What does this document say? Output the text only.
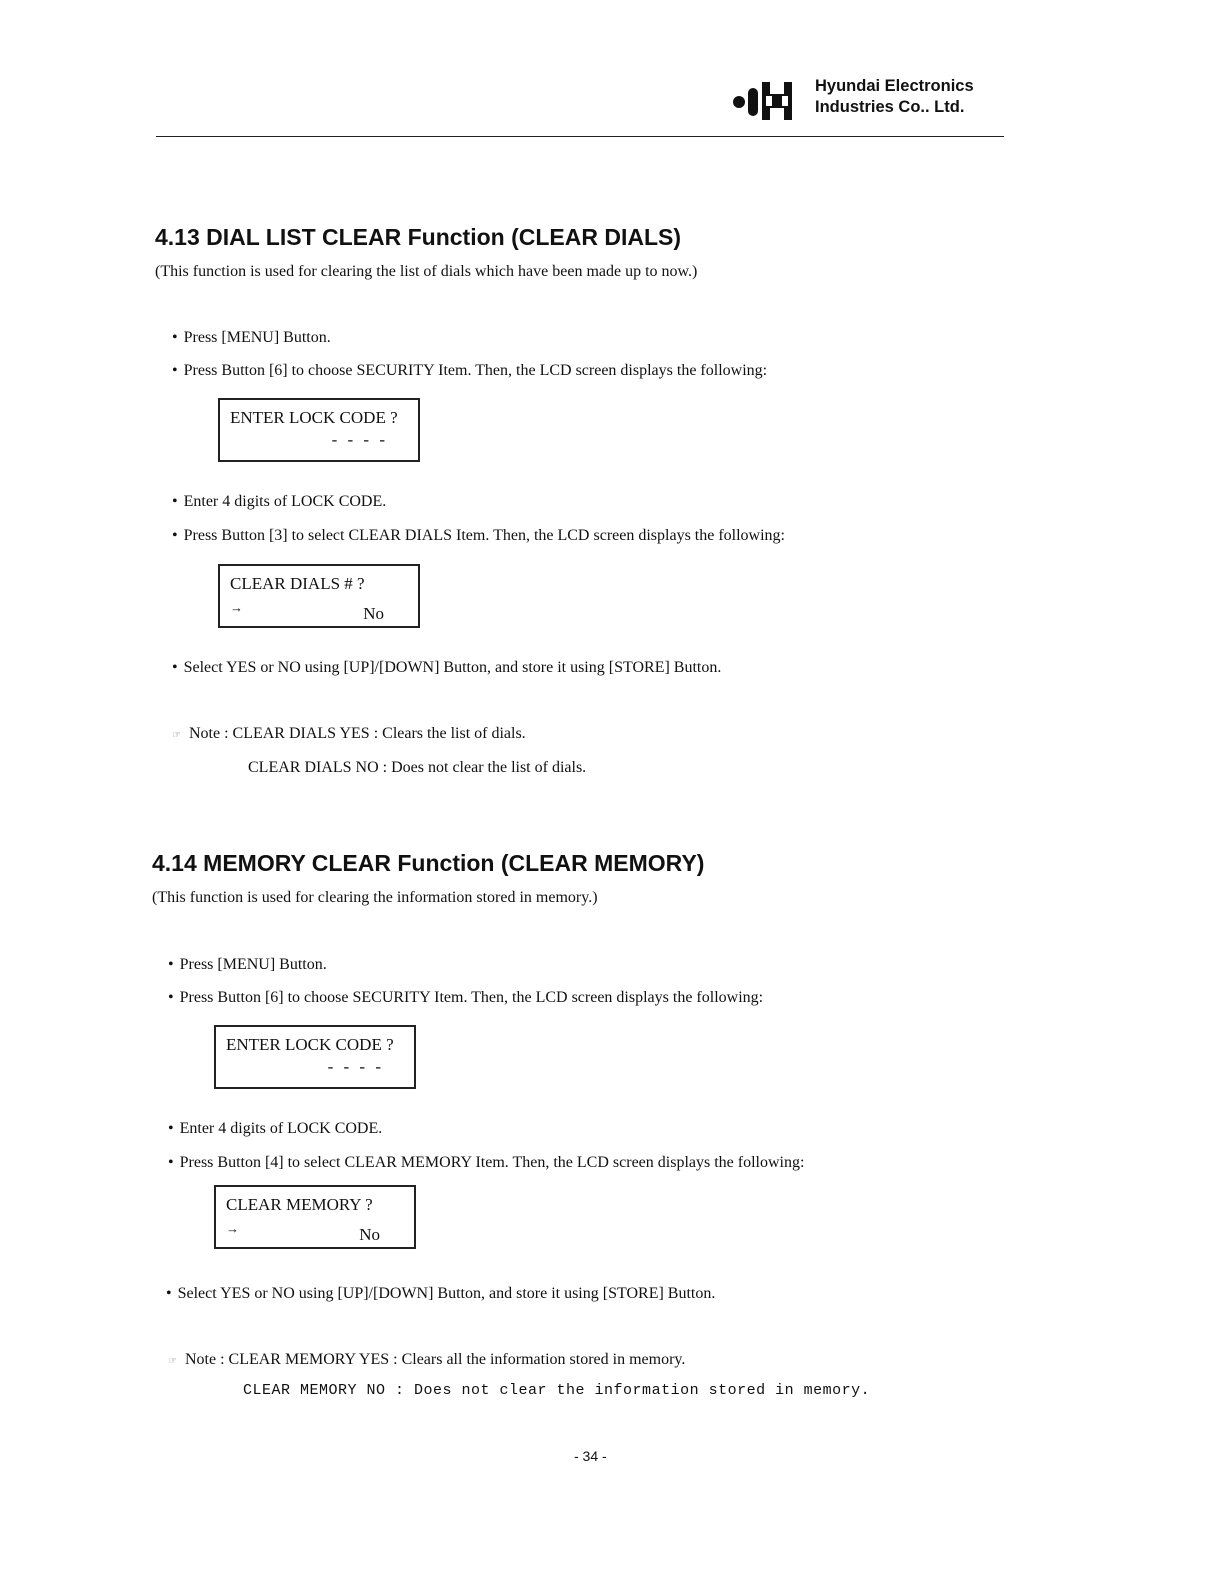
Hyundai Electronics
Industries Co.. Ltd.
4.13 DIAL LIST CLEAR Function (CLEAR DIALS)
(This function is used for clearing the list of dials which have been made up to now.)
• Press [MENU] Button.
• Press Button [6] to choose SECURITY Item. Then, the LCD screen displays the following:
ENTER LOCK CODE ?
- - - -
• Enter 4 digits of LOCK CODE.
• Press Button [3] to select CLEAR DIALS Item. Then, the LCD screen displays the following:
CLEAR DIALS # ?
→	No
• Select YES or NO using [UP]/[DOWN] Button, and store it using [STORE] Button.
☞ Note : CLEAR DIALS YES : Clears the list of dials.
CLEAR DIALS NO : Does not clear the list of dials.
4.14 MEMORY CLEAR Function (CLEAR MEMORY)
(This function is used for clearing the information stored in memory.)
• Press [MENU] Button.
• Press Button [6] to choose SECURITY Item. Then, the LCD screen displays the following:
ENTER LOCK CODE ?
- - - -
• Enter 4 digits of LOCK CODE.
• Press Button [4] to select CLEAR MEMORY Item. Then, the LCD screen displays the following:
CLEAR MEMORY ?
→	No
• Select YES or NO using [UP]/[DOWN] Button, and store it using [STORE] Button.
☞ Note : CLEAR MEMORY YES : Clears all the information stored in memory.
CLEAR MEMORY NO : Does not clear the information stored in memory.
- 34 -
